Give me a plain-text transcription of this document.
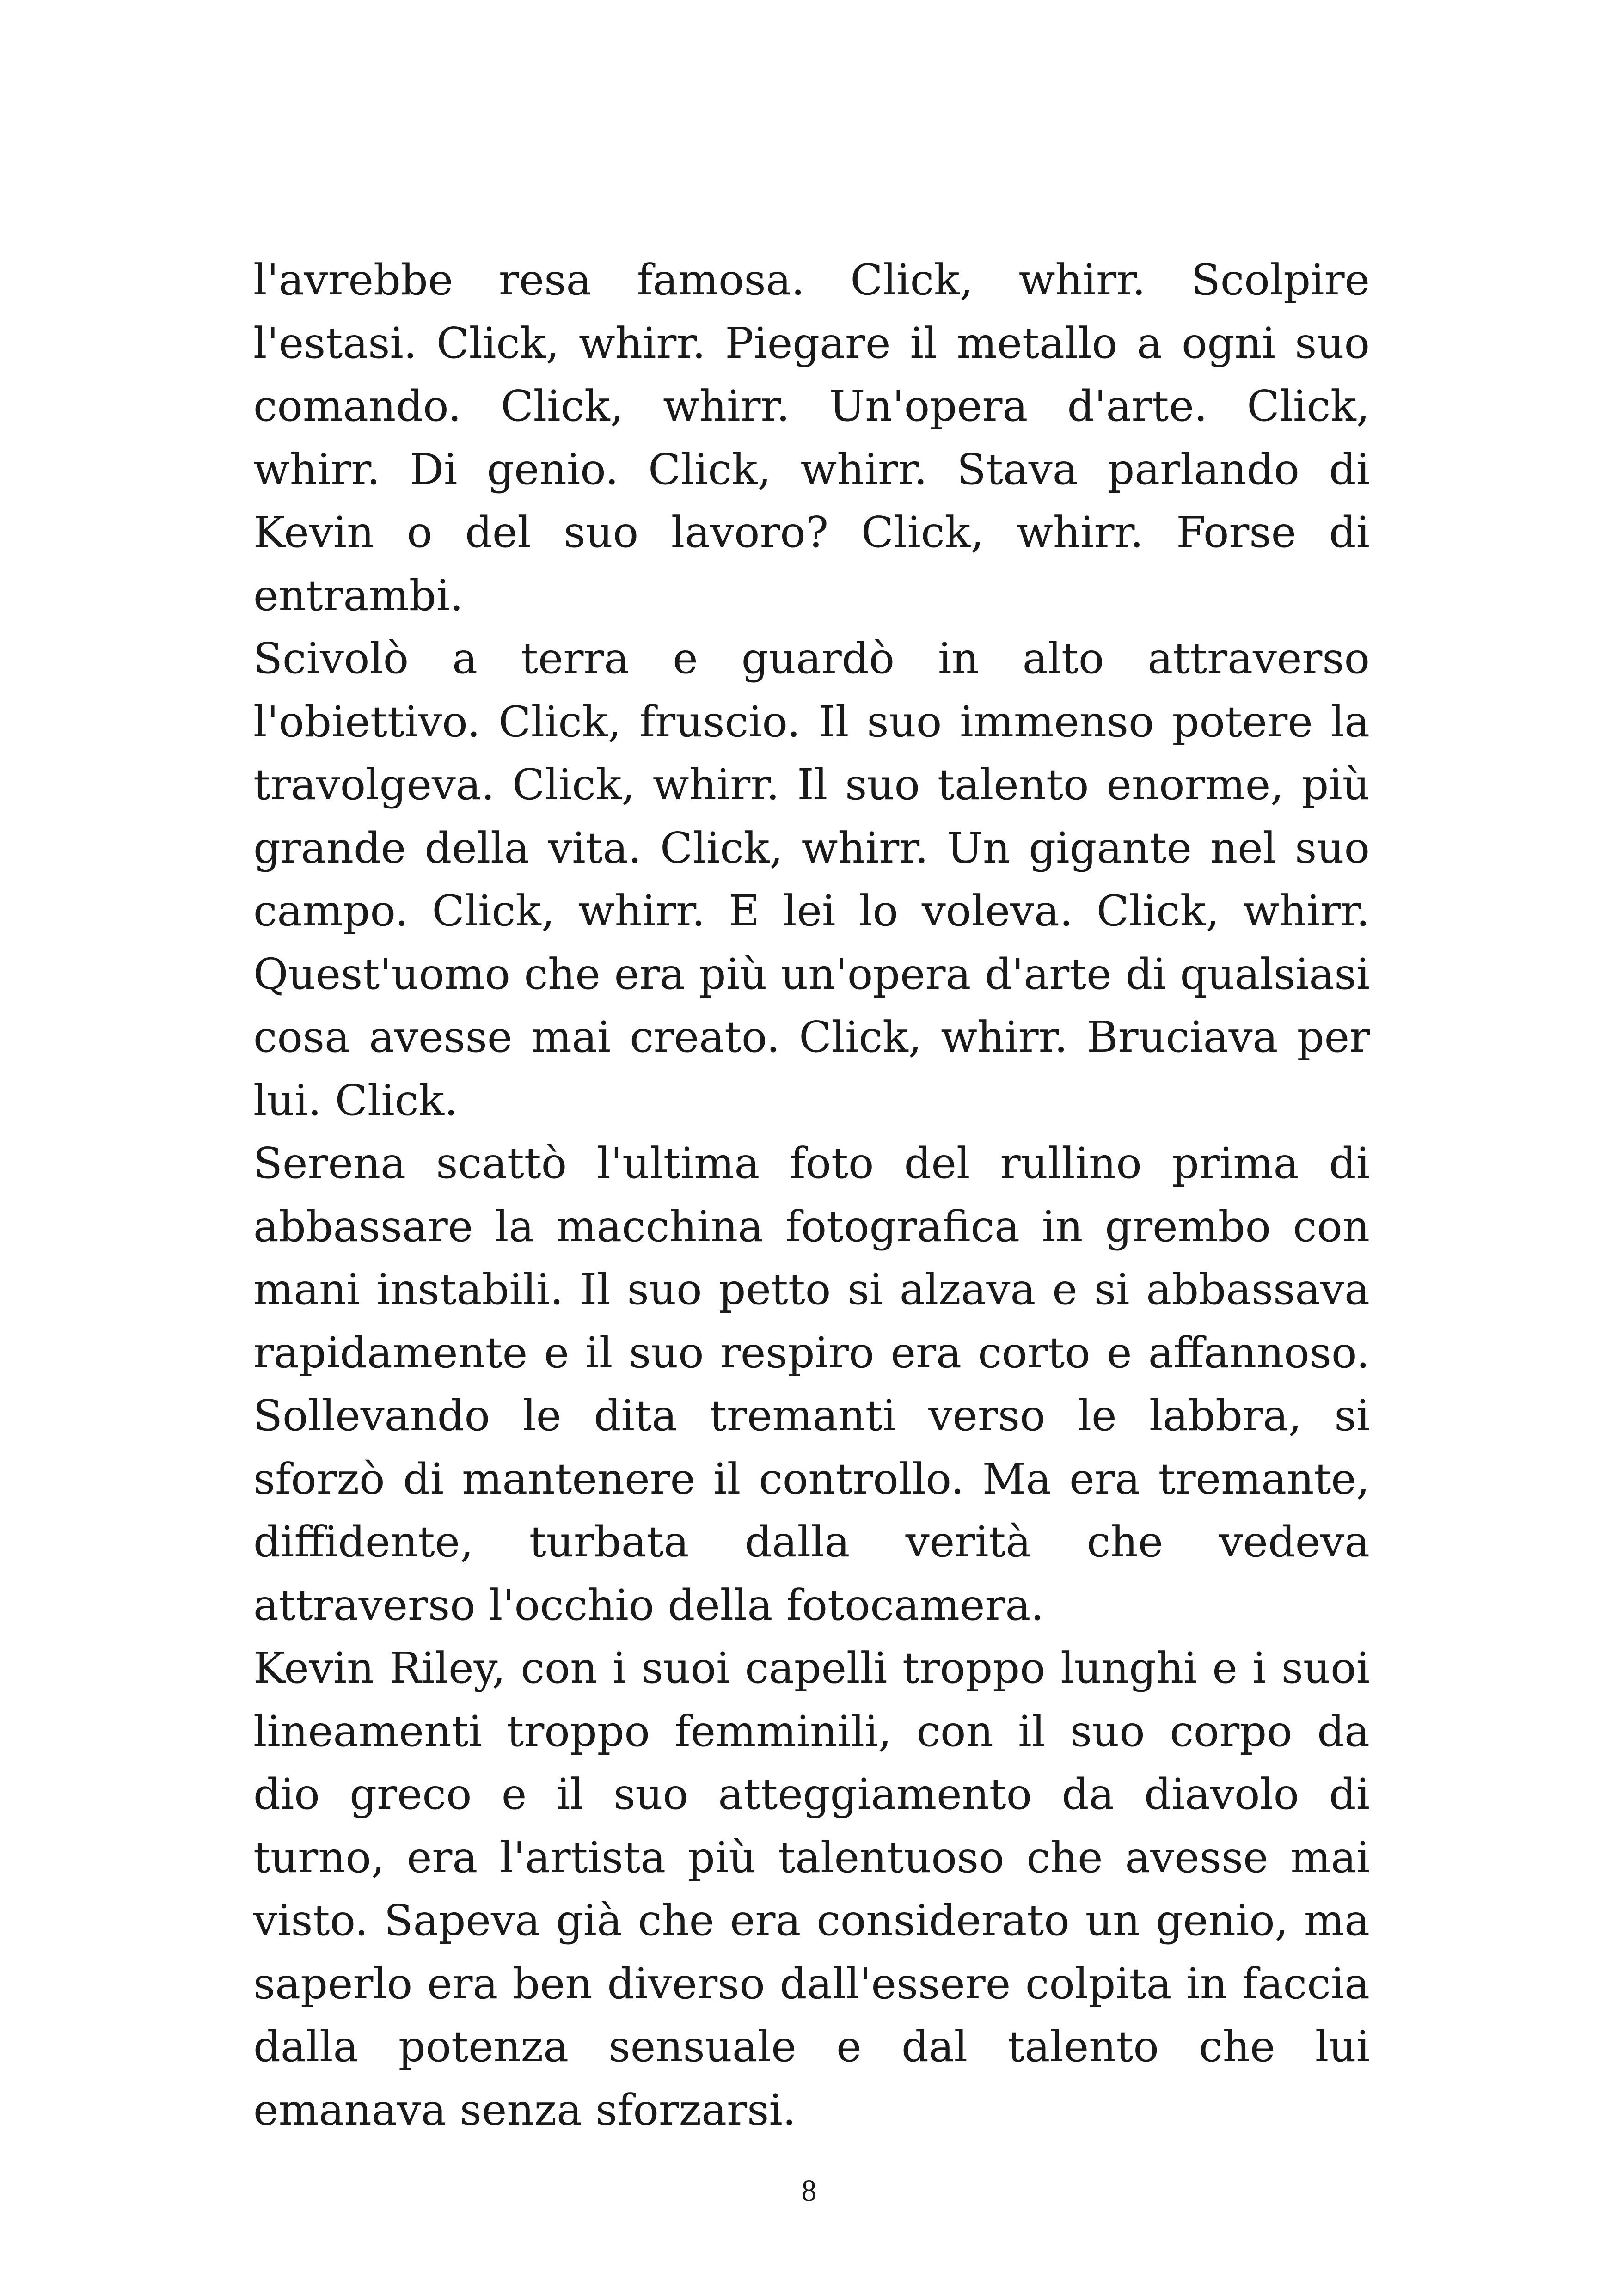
l'avrebbe resa famosa. Click, whirr. Scolpire l'estasi. Click, whirr. Piegare il metallo a ogni suo comando. Click, whirr. Un'opera d'arte. Click, whirr. Di genio. Click, whirr. Stava parlando di Kevin o del suo lavoro? Click, whirr. Forse di entrambi.

Scivolò a terra e guardò in alto attraverso l'obiettivo. Click, fruscio. Il suo immenso potere la travolgeva. Click, whirr. Il suo talento enorme, più grande della vita. Click, whirr. Un gigante nel suo campo. Click, whirr. E lei lo voleva. Click, whirr. Quest'uomo che era più un'opera d'arte di qualsiasi cosa avesse mai creato. Click, whirr. Bruciava per lui. Click.

Serena scattò l'ultima foto del rullino prima di abbassare la macchina fotografica in grembo con mani instabili. Il suo petto si alzava e si abbassava rapidamente e il suo respiro era corto e affannoso. Sollevando le dita tremanti verso le labbra, si sforzò di mantenere il controllo. Ma era tremante, diffidente, turbata dalla verità che vedeva attraverso l'occhio della fotocamera.

Kevin Riley, con i suoi capelli troppo lunghi e i suoi lineamenti troppo femminili, con il suo corpo da dio greco e il suo atteggiamento da diavolo di turno, era l'artista più talentuoso che avesse mai visto. Sapeva già che era considerato un genio, ma saperlo era ben diverso dall'essere colpita in faccia dalla potenza sensuale e dal talento che lui emanava senza sforzarsi.

8
